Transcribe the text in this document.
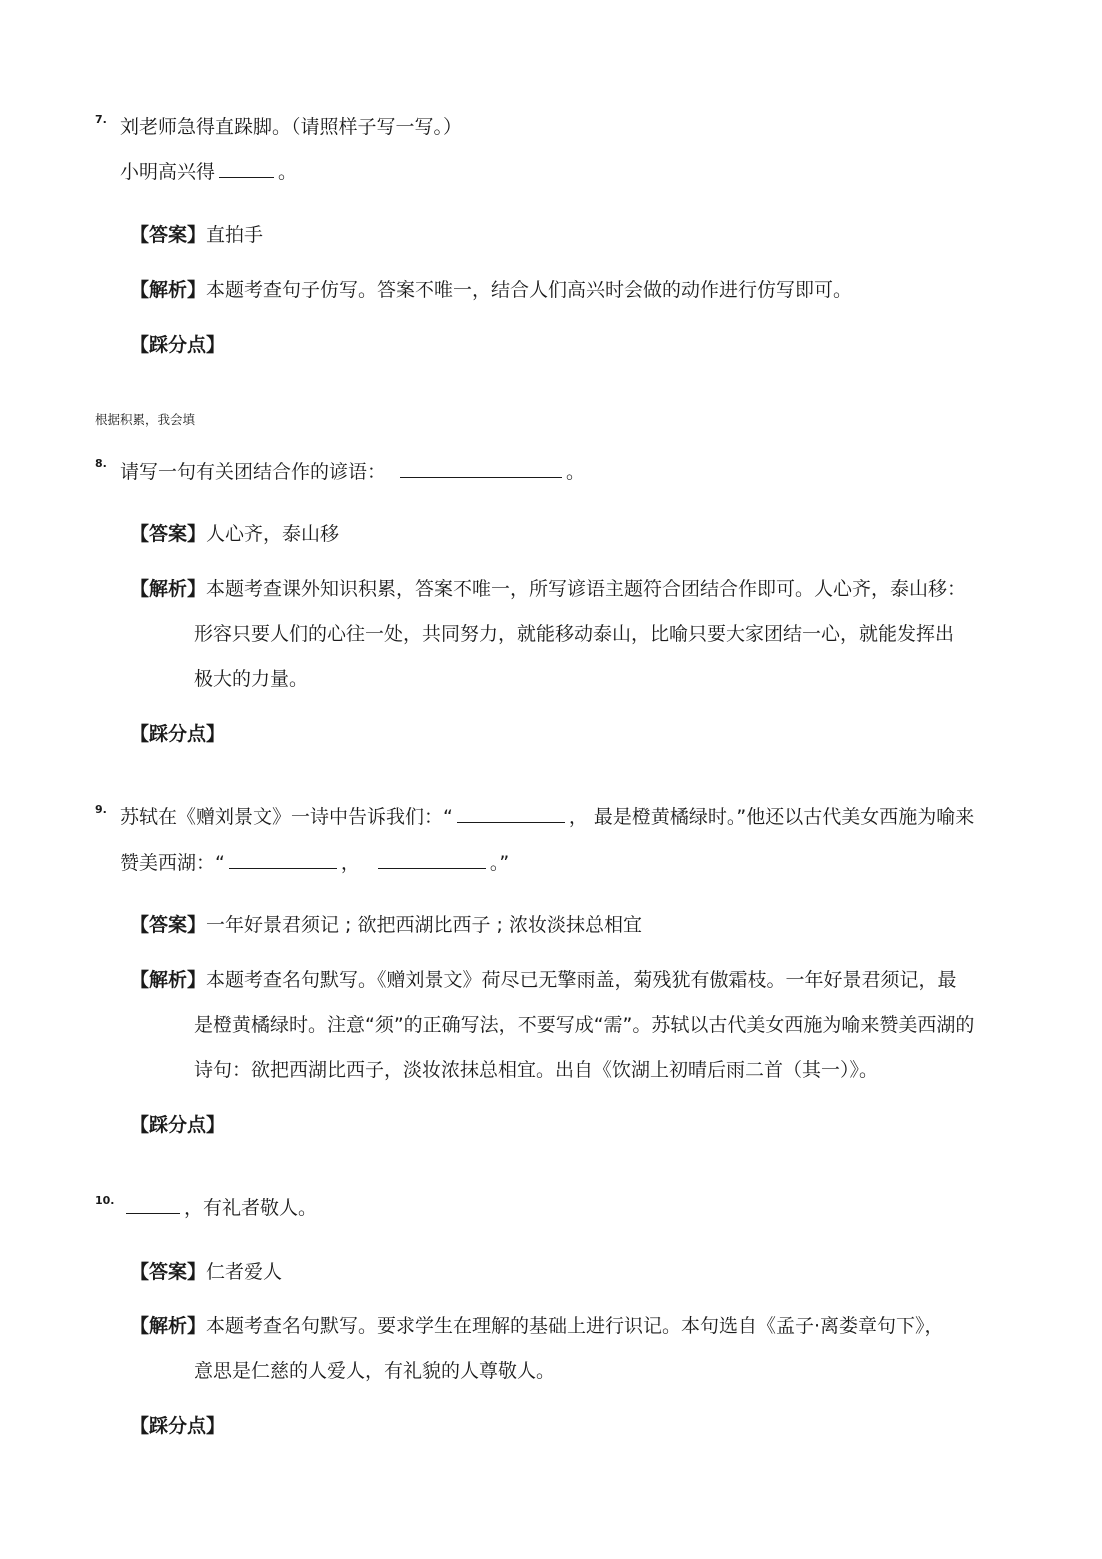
7. 刘老师急得直跺脚。（请照样子写一写。）
小明高兴得	。
【答案】直拍手
【解析】本题考查句子仿写。答案不唯一，结合人们高兴时会做的动作进行仿写即可。
【踩分点】
根据积累，我会填
8. 请写一句有关团结合作的谚语：	。
【答案】人心齐，泰山移
【解析】本题考查课外知识积累，答案不唯一，所写谚语主题符合团结合作即可。人心齐，泰山移：
形容只要人们的心往一处，共同努力，就能移动泰山，比喻只要大家团结一心，就能发挥出
极大的力量。
【踩分点】
9. 苏轼在《赠刘景文》一诗中告诉我们：“	， 最是橙黄橘绿时。”他还以古代美女西施为喻来
赞美西湖：“	，	。”
【答案】一年好景君须记 ; 欲把西湖比西子 ; 浓妆淡抹总相宜
【解析】本题考查名句默写。《赠刘景文》荷尽已无擎雨盖，菊残犹有傲霜枝。一年好景君须记，最
是橙黄橘绿时。注意“须”的正确写法，不要写成“需”。苏轼以古代美女西施为喻来赞美西湖的
诗句：欲把西湖比西子，淡妆浓抹总相宜。出自《饮湖上初晴后雨二首（其一）》。
【踩分点】
10.	，有礼者敬人。
【答案】仁者爱人
【解析】本题考查名句默写。要求学生在理解的基础上进行识记。本句选自《孟子·离娄章句下》，
意思是仁慈的人爱人，有礼貌的人尊敬人。
【踩分点】
